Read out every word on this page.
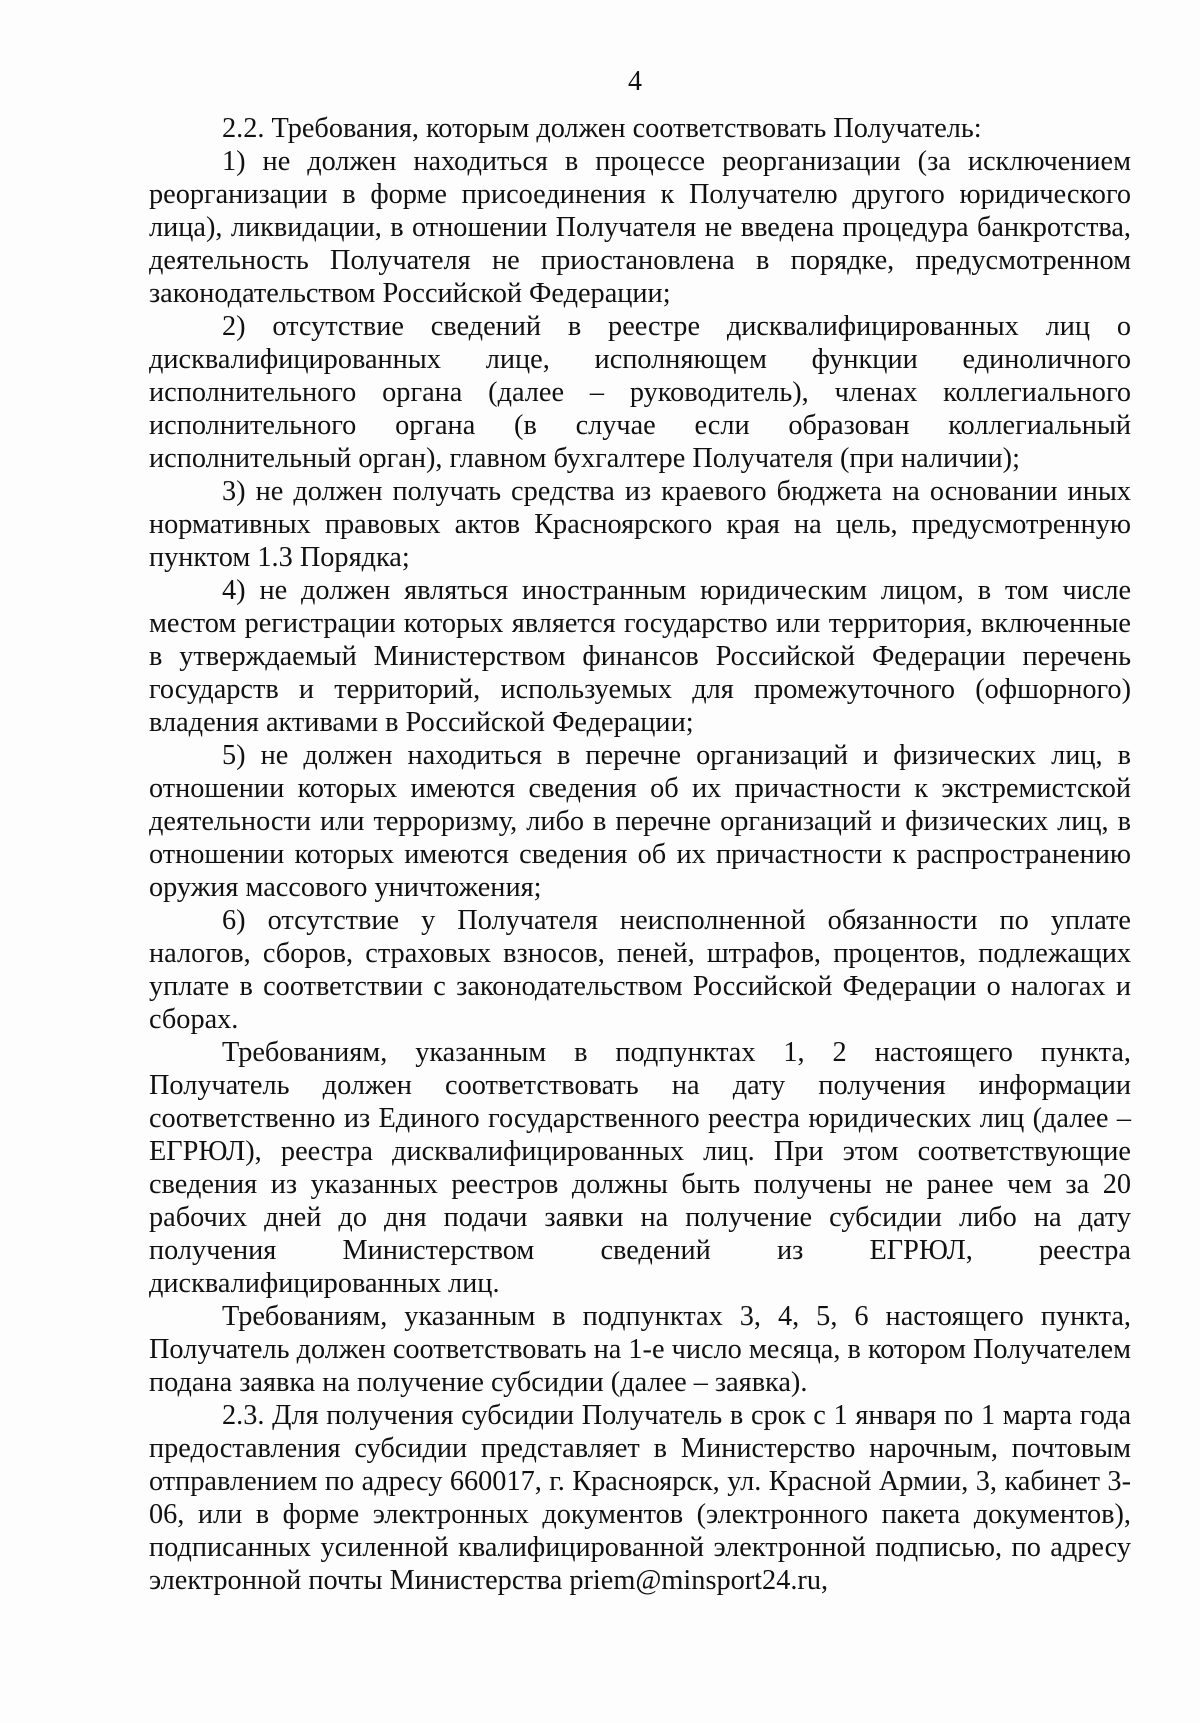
4

2.2. Требования, которым должен соответствовать Получатель:

1) не должен находиться в процессе реорганизации (за исключением реорганизации в форме присоединения к Получателю другого юридического лица), ликвидации, в отношении Получателя не введена процедура банкротства, деятельность Получателя не приостановлена в порядке, предусмотренном законодательством Российской Федерации;

2) отсутствие сведений в реестре дисквалифицированных лиц о дисквалифицированных лице, исполняющем функции единоличного исполнительного органа (далее – руководитель), членах коллегиального исполнительного органа (в случае если образован коллегиальный исполнительный орган), главном бухгалтере Получателя (при наличии);

3) не должен получать средства из краевого бюджета на основании иных нормативных правовых актов Красноярского края на цель, предусмотренную пунктом 1.3 Порядка;

4) не должен являться иностранным юридическим лицом, в том числе местом регистрации которых является государство или территория, включенные в утверждаемый Министерством финансов Российской Федерации перечень государств и территорий, используемых для промежуточного (офшорного) владения активами в Российской Федерации;

5) не должен находиться в перечне организаций и физических лиц, в отношении которых имеются сведения об их причастности к экстремистской деятельности или терроризму, либо в перечне организаций и физических лиц, в отношении которых имеются сведения об их причастности к распространению оружия массового уничтожения;

6) отсутствие у Получателя неисполненной обязанности по уплате налогов, сборов, страховых взносов, пеней, штрафов, процентов, подлежащих уплате в соответствии с законодательством Российской Федерации о налогах и сборах.

Требованиям, указанным в подпунктах 1, 2 настоящего пункта, Получатель должен соответствовать на дату получения информации соответственно из Единого государственного реестра юридических лиц (далее – ЕГРЮЛ), реестра дисквалифицированных лиц. При этом соответствующие сведения из указанных реестров должны быть получены не ранее чем за 20 рабочих дней до дня подачи заявки на получение субсидии либо на дату получения Министерством сведений из ЕГРЮЛ, реестра дисквалифицированных лиц.

Требованиям, указанным в подпунктах 3, 4, 5, 6 настоящего пункта, Получатель должен соответствовать на 1-е число месяца, в котором Получателем подана заявка на получение субсидии (далее – заявка).

2.3. Для получения субсидии Получатель в срок с 1 января по 1 марта года предоставления субсидии представляет в Министерство нарочным, почтовым отправлением по адресу 660017, г. Красноярск, ул. Красной Армии, 3, кабинет 3-06, или в форме электронных документов (электронного пакета документов), подписанных усиленной квалифицированной электронной подписью, по адресу электронной почты Министерства priem@minsport24.ru,
